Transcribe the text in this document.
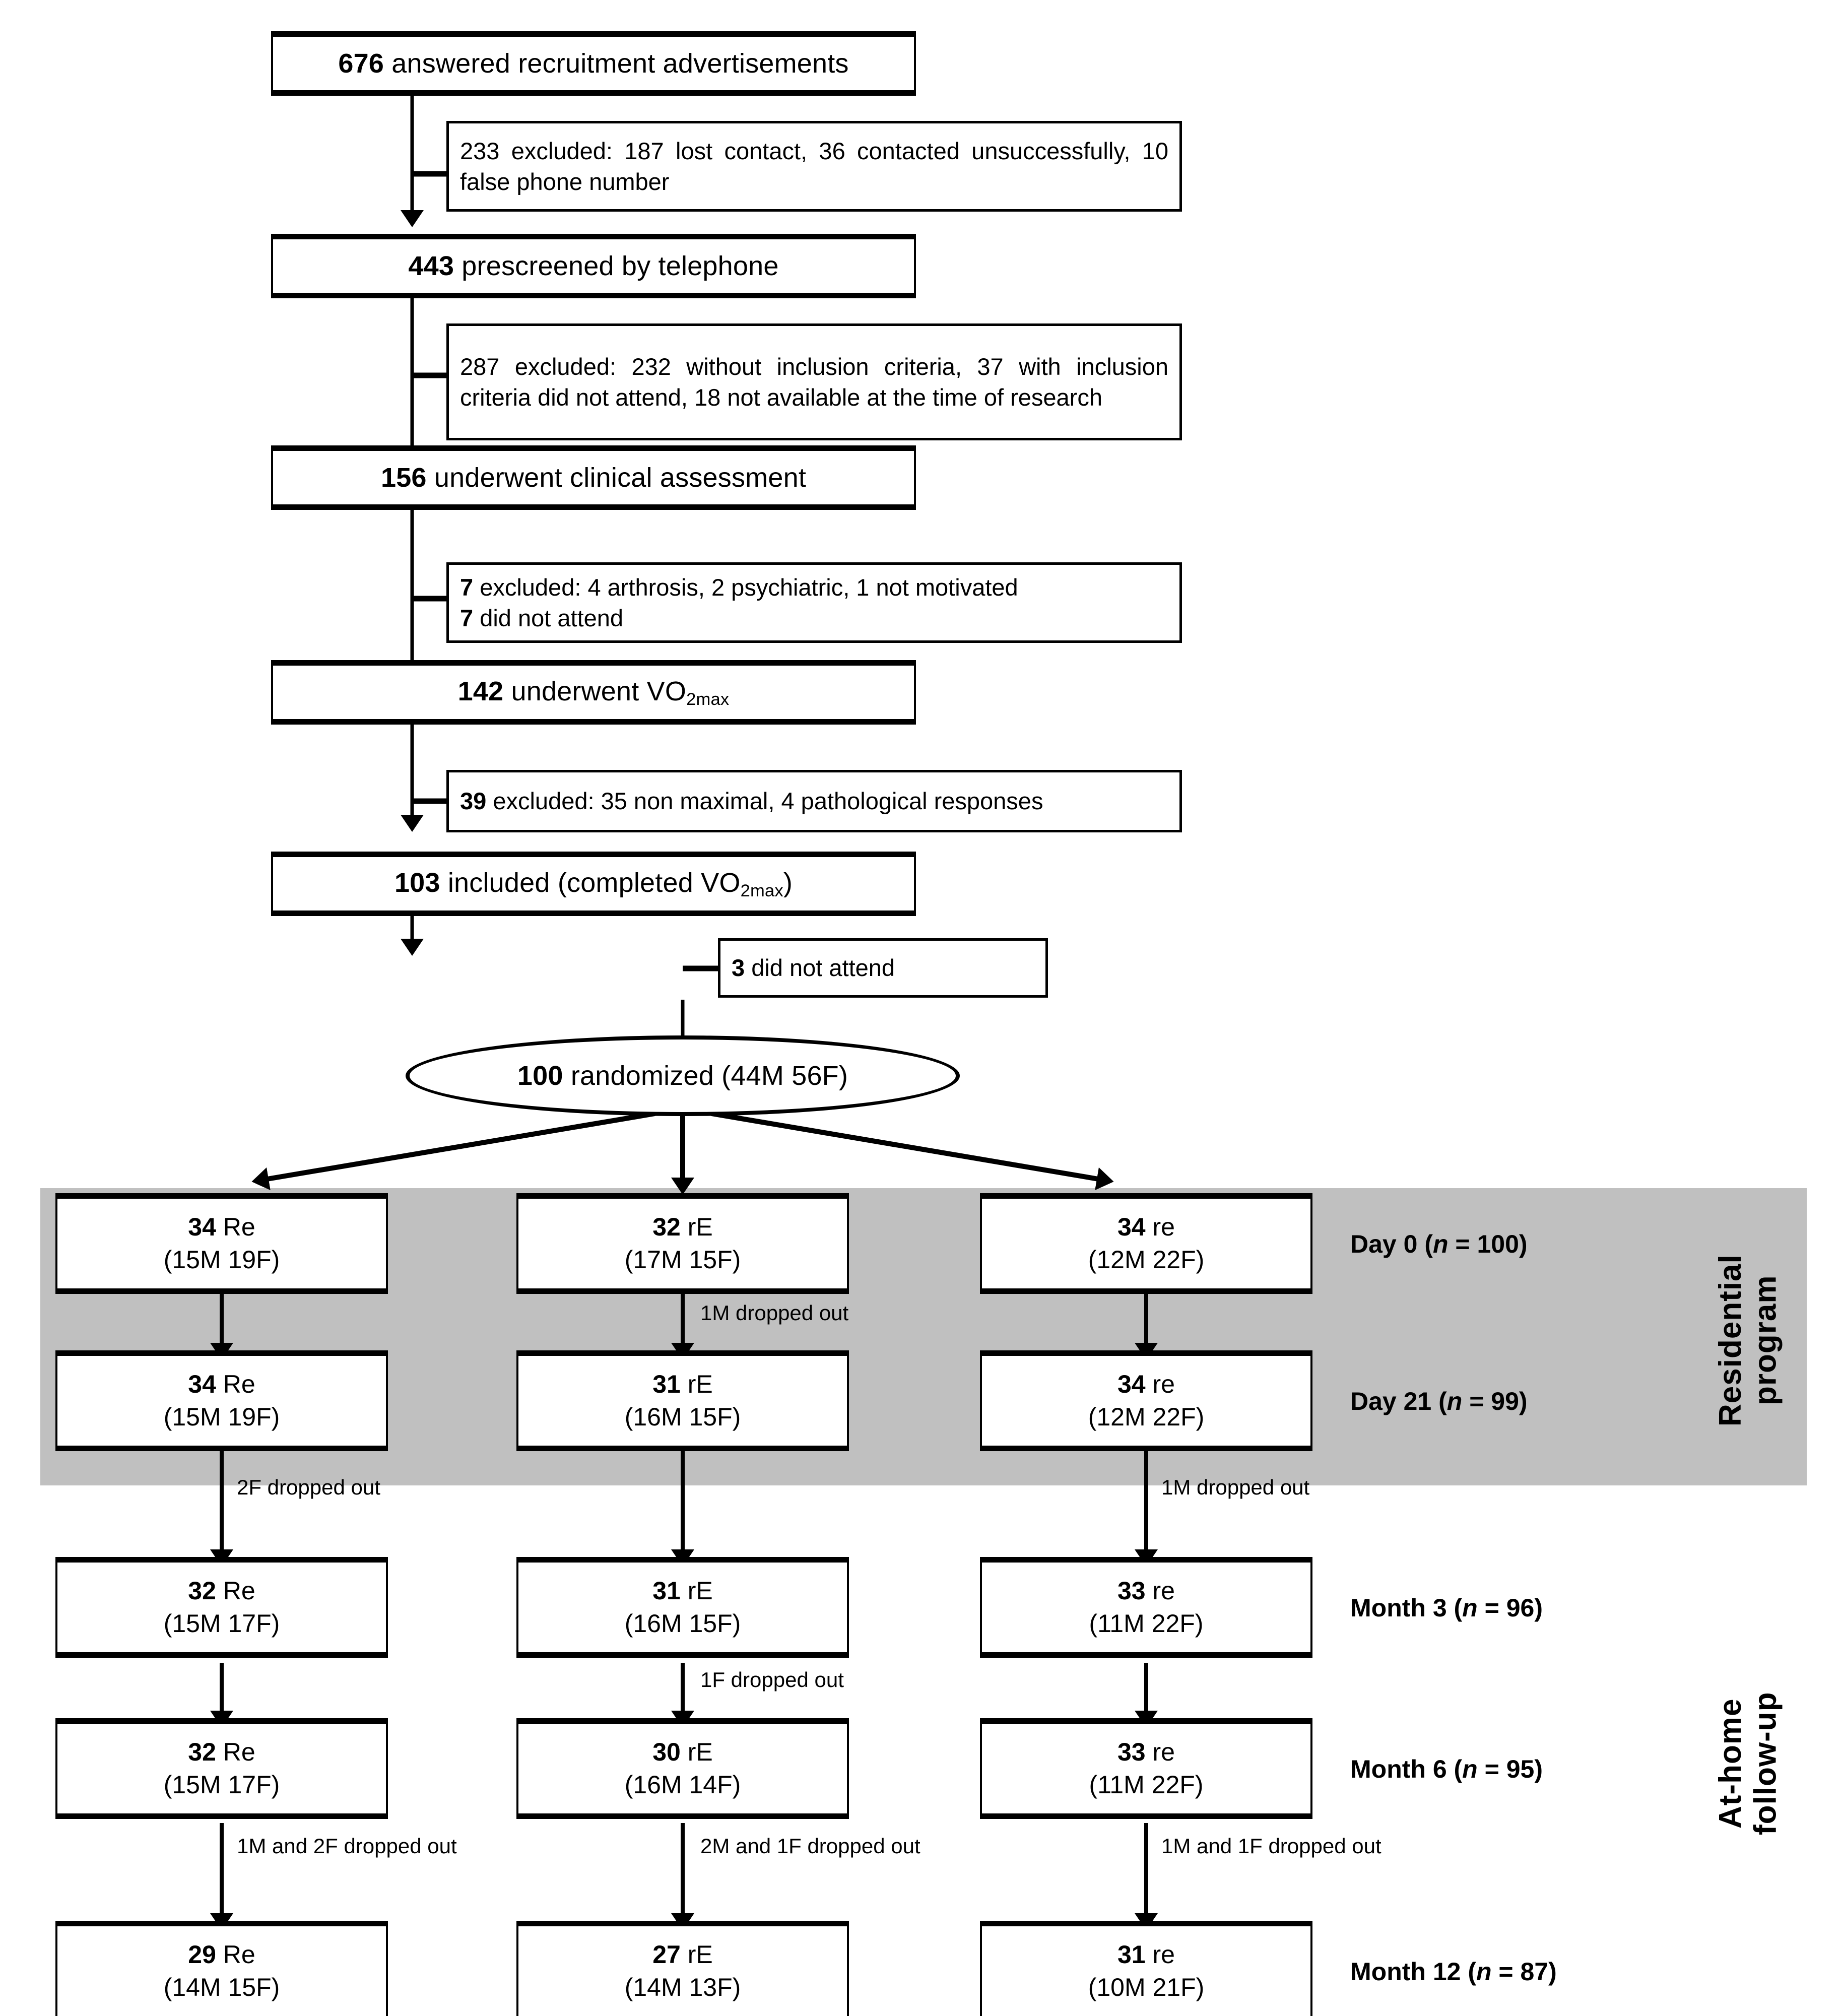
676 answered recruitment advertisements
233 excluded: 187 lost contact, 36 contacted unsuccessfully, 10 false phone number
443 prescreened by telephone
287 excluded: 232 without inclusion criteria, 37 with inclusion criteria did not attend, 18 not available at the time of research
156 underwent clinical assessment
7 excluded: 4 arthrosis, 2 psychiatric, 1 not motivated
7 did not attend
142 underwent $VO_{2max}$
39 excluded: 35 non maximal, 4 pathological responses
103 included (completed $VO_{2max}$)
3 did not attend
100 randomized (44M 56F)
34 Re
(15M 19F)
32 rE
(17M 15F)
34 re
(12M 22F)
Day 0 (n = 100)
1M dropped out
34 Re
(15M 19F)
31 rE
(16M 15F)
34 re
(12M 22F)
Day 21 (n = 99)
2F dropped out	1M dropped out
32 Re
(15M 17F)
31 rE
(16M 15F)
33 re
(11M 22F)
Month 3 (n = 96)
1F dropped out
32 Re
(15M 17F)
30 rE
(16M 14F)
33 re
(11M 22F)
Month 6 (n = 95)
1M and 2F dropped out	2M and 1F dropped out	1M and 1F dropped out
29 Re
(14M 15F)
27 rE
(14M 13F)
31 re
(10M 21F)
Month 12 (n = 87)
Residential program
At-home follow-up
